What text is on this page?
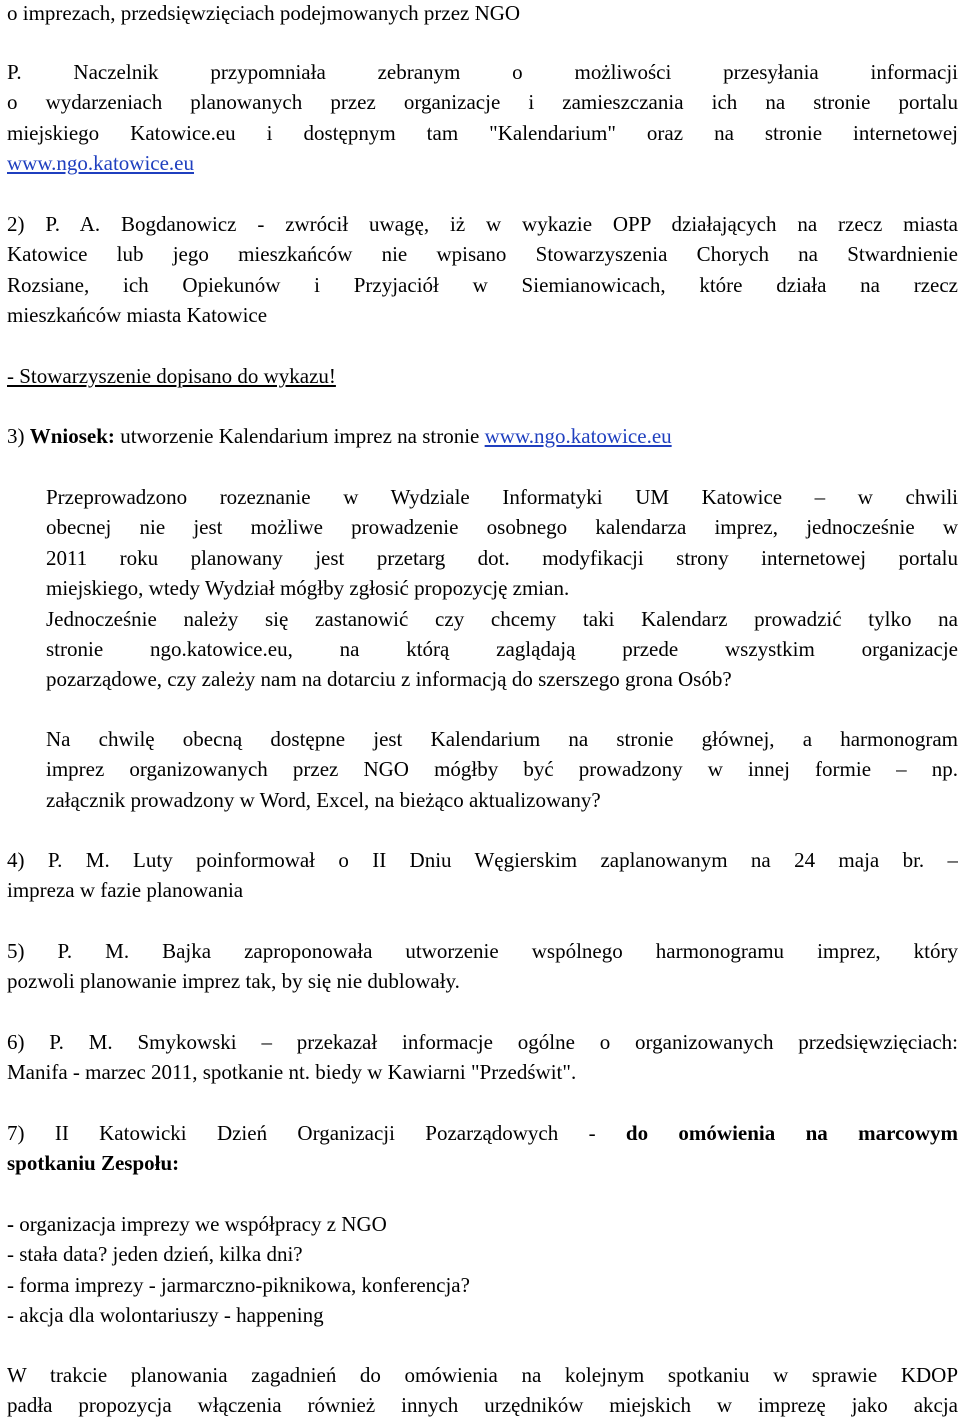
o imprezach, przedsięwzięciach podejmowanych przez NGO
P. Naczelnik przypomniała zebranym o możliwości przesyłania informacji
o wydarzeniach planowanych przez organizacje i zamieszczania ich na stronie portalu
miejskiego Katowice.eu i dostępnym tam "Kalendarium" oraz na stronie internetowej
www.ngo.katowice.eu
2) P. A. Bogdanowicz - zwrócił uwagę, iż w wykazie OPP działających na rzecz miasta
Katowice lub jego mieszkańców nie wpisano Stowarzyszenia Chorych na Stwardnienie
Rozsiane, ich Opiekunów i Przyjaciół w Siemianowicach, które działa na rzecz
mieszkańców miasta Katowice
- Stowarzyszenie dopisano do wykazu!
3) Wniosek: utworzenie Kalendarium imprez na stronie www.ngo.katowice.eu
Przeprowadzono rozeznanie w Wydziale Informatyki UM Katowice – w chwili
obecnej nie jest możliwe prowadzenie osobnego kalendarza imprez, jednocześnie w
2011 roku planowany jest przetarg dot. modyfikacji strony internetowej portalu
miejskiego, wtedy Wydział mógłby zgłosić propozycję zmian.
Jednocześnie należy się zastanowić czy chcemy taki Kalendarz prowadzić tylko na
stronie ngo.katowice.eu, na którą zaglądają przede wszystkim organizacje
pozarządowe, czy zależy nam na dotarciu z informacją do szerszego grona Osób?
Na chwilę obecną dostępne jest Kalendarium na stronie głównej, a harmonogram
imprez organizowanych przez NGO mógłby być prowadzony w innej formie – np.
załącznik prowadzony w Word, Excel, na bieżąco aktualizowany?
4) P. M. Luty poinformował o II Dniu Węgierskim zaplanowanym na 24 maja br. –
impreza w fazie planowania
5) P. M. Bajka zaproponowała utworzenie wspólnego harmonogramu imprez, który
pozwoli planowanie imprez tak, by się nie dublowały.
6) P. M. Smykowski – przekazał informacje ogólne o organizowanych przedsięwzięciach:
Manifa - marzec 2011, spotkanie nt. biedy w Kawiarni "Przedświt".
7) II Katowicki Dzień Organizacji Pozarządowych - do omówienia na marcowym
spotkaniu Zespołu:
- organizacja imprezy we współpracy z NGO
- stała data? jeden dzień, kilka dni?
- forma imprezy - jarmarczno-piknikowa, konferencja?
- akcja dla wolontariuszy - happening
W trakcie planowania zagadnień do omówienia na kolejnym spotkaniu w sprawie KDOP
padła propozycja włączenia również innych urzędników miejskich w imprezę jako akcja
